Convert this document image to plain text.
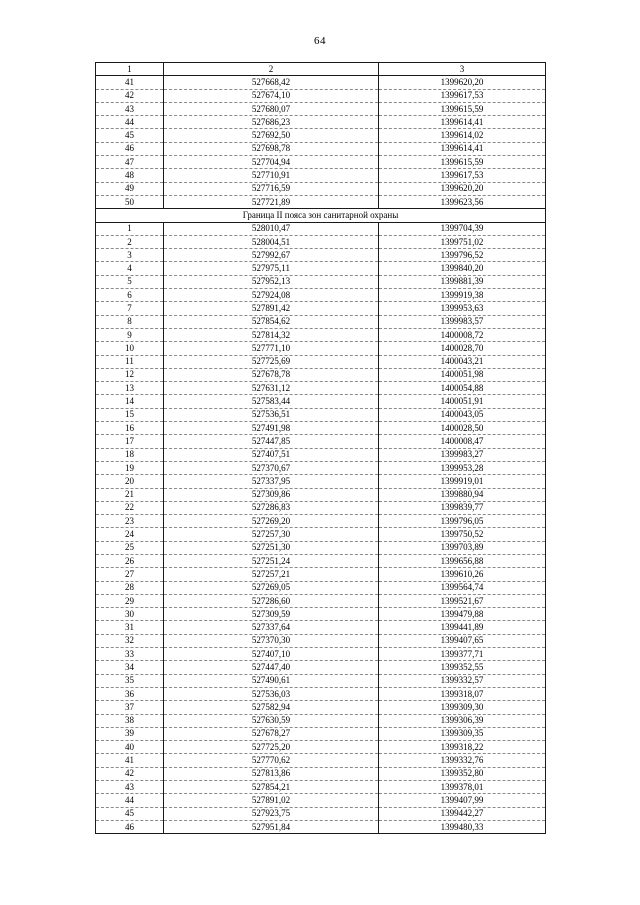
64
1	2	3
41	527668,42	1399620,20
42	527674,10	1399617,53
43	527680,07	1399615,59
44	527686,23	1399614,41
45	527692,50	1399614,02
46	527698,78	1399614,41
47	527704,94	1399615,59
48	527710,91	1399617,53
49	527716,59	1399620,20
50	527721,89	1399623,56
Граница II пояса зон санитарной охраны		
1	528010,47	1399704,39
2	528004,51	1399751,02
3	527992,67	1399796,52
4	527975,11	1399840,20
5	527952,13	1399881,39
6	527924,08	1399919,38
7	527891,42	1399953,63
8	527854,62	1399983,57
9	527814,32	1400008,72
10	527771,10	1400028,70
11	527725,69	1400043,21
12	527678,78	1400051,98
13	527631,12	1400054,88
14	527583,44	1400051,91
15	527536,51	1400043,05
16	527491,98	1400028,50
17	527447,85	1400008,47
18	527407,51	1399983,27
19	527370,67	1399953,28
20	527337,95	1399919,01
21	527309,86	1399880,94
22	527286,83	1399839,77
23	527269,20	1399796,05
24	527257,30	1399750,52
25	527251,30	1399703,89
26	527251,24	1399656,88
27	527257,21	1399610,26
28	527269,05	1399564,74
29	527286,60	1399521,67
30	527309,59	1399479,88
31	527337,64	1399441,89
32	527370,30	1399407,65
33	527407,10	1399377,71
34	527447,40	1399352,55
35	527490,61	1399332,57
36	527536,03	1399318,07
37	527582,94	1399309,30
38	527630,59	1399306,39
39	527678,27	1399309,35
40	527725,20	1399318,22
41	527770,62	1399332,76
42	527813,86	1399352,80
43	527854,21	1399378,01
44	527891,02	1399407,99
45	527923,75	1399442,27
46	527951,84	1399480,33
